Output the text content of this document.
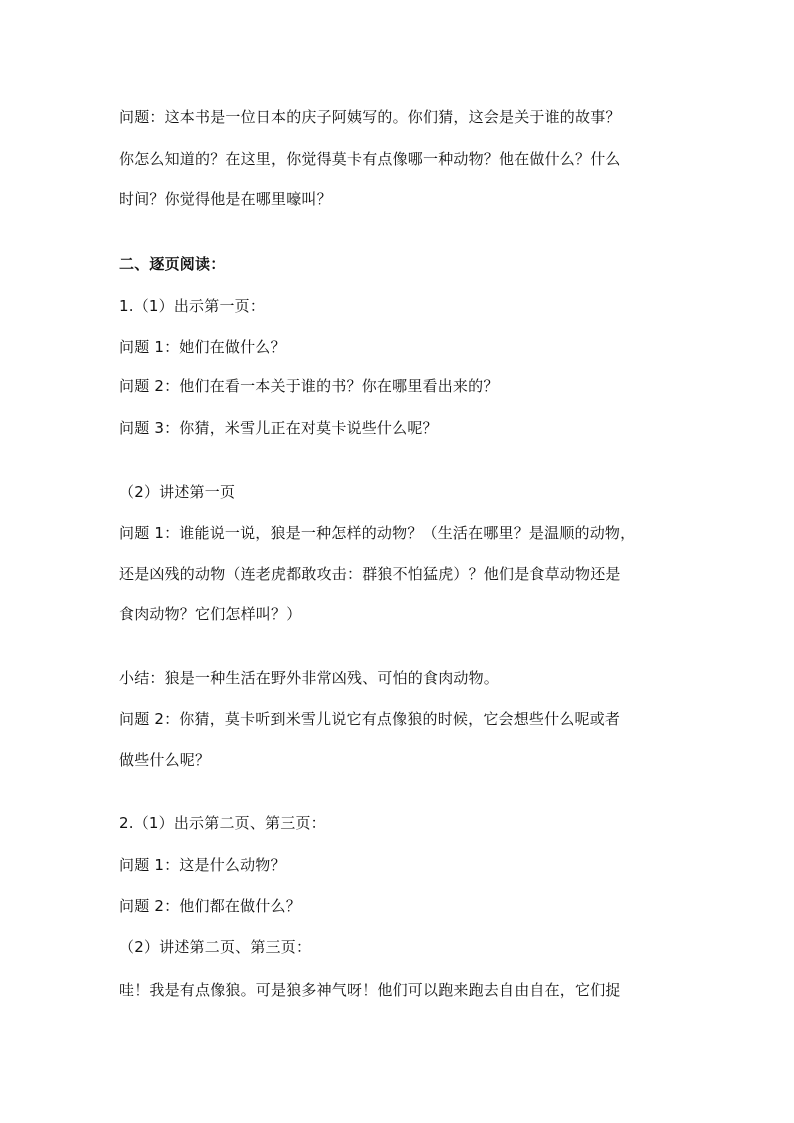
问题：这本书是一位日本的庆子阿姨写的。你们猜，这会是关于谁的故事？
你怎么知道的？在这里，你觉得莫卡有点像哪一种动物？他在做什么？什么
时间？你觉得他是在哪里嚎叫？
二、逐页阅读：
1.（1）出示第一页：
问题 1：她们在做什么？
问题 2：他们在看一本关于谁的书？你在哪里看出来的？
问题 3：你猜，米雪儿正在对莫卡说些什么呢？
（2）讲述第一页
问题 1：谁能说一说，狼是一种怎样的动物？（生活在哪里？是温顺的动物，
还是凶残的动物（连老虎都敢攻击：群狼不怕猛虎）？他们是食草动物还是
食肉动物？它们怎样叫？）
小结：狼是一种生活在野外非常凶残、可怕的食肉动物。
问题 2：你猜，莫卡听到米雪儿说它有点像狼的时候，它会想些什么呢或者
做些什么呢？
2.（1）出示第二页、第三页：
问题 1：这是什么动物？
问题 2：他们都在做什么？
（2）讲述第二页、第三页：
哇！我是有点像狼。可是狼多神气呀！他们可以跑来跑去自由自在，它们捉
